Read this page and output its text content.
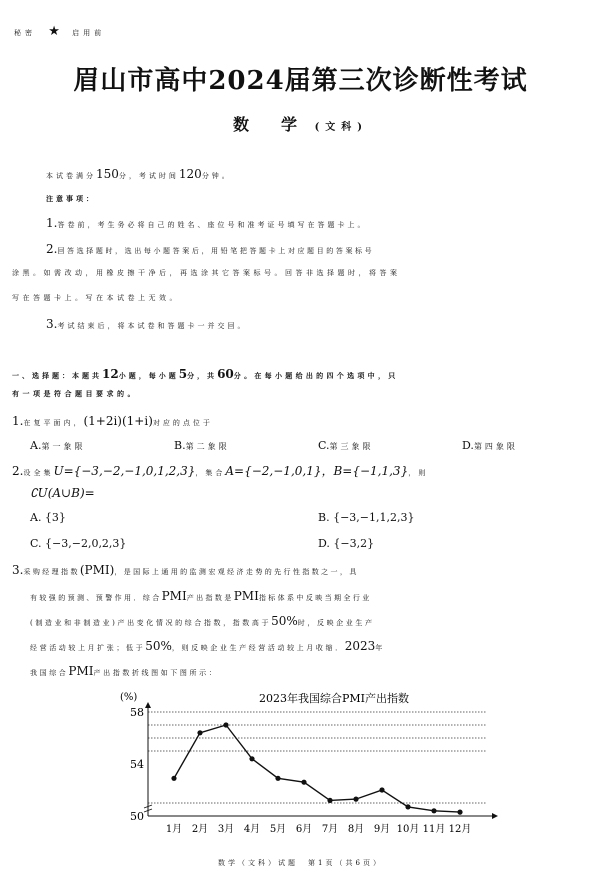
秘密 ★ 启用前
眉山市高中2024届第三次诊断性考试
数　　学 (文科)
本试卷满分150分，考试时间120分钟。
注意事项：
1.答卷前，考生务必将自己的姓名、座位号和准考证号填写在答题卡上。
2.回答选择题时，选出每小题答案后，用铅笔把答题卡上对应题目的答案标号
涂黑。如需改动，用橡皮擦干净后，再选涂其它答案标号。回答非选择题时，将答案
写在答题卡上。写在本试卷上无效。
3.考试结束后，将本试卷和答题卡一并交回。
一、选择题：本题共12小题，每小题5分，共60分。在每小题给出的四个选项中，只
有一项是符合题目要求的。
1.在复平面内，(1+2i)(1+i)对应的点位于
A.第一象限	B.第二象限	C.第三象限	D.第四象限
2.设全集U={−3,−2,−1,0,1,2,3}，集合A={−2,−1,0,1}，B={−1,1,3}，则
∁U(A∪B)=
A. {3}	B. {−3,−1,1,2,3}
C. {−3,−2,0,2,3}	D. {−3,2}
3.采购经理指数(PMI)，是国际上通用的监测宏观经济走势的先行性指数之一，具
有较强的预测、预警作用．综合PMI产出指数是PMI指标体系中反映当期全行业
(制造业和非制造业)产出变化情况的综合指数，指数高于50%时，反映企业生产
经营活动较上月扩张；低于50%，则反映企业生产经营活动较上月收缩．2023年
我国综合PMI产出指数折线图如下图所示：
2023年我国综合PMI产出指数
(%)
50
54
58
1月 2月 3月 4月 5月 6月 7月 8月 9月 10月 11月 12月
数学（文科）试题　第1页（共6页）
